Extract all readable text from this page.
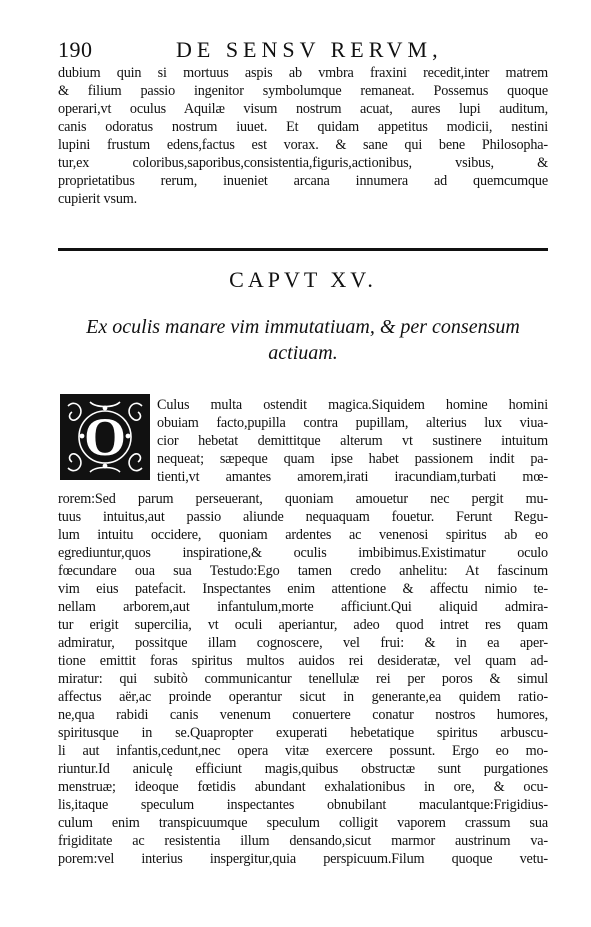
190	DE SENSV RERVM,
dubium quin si mortuus aspis ab vmbra fraxini recedit,inter matrem
& filium passio ingenitor symbolumque remaneat. Possemus quoque
operari,vt oculus Aquilæ visum nostrum acuat, aures lupi auditum,
canis odoratus nostrum iuuet. Et quidam appetitus modicii, nestini
lupini frustum edens,factus est vorax. & sane qui bene Philosopha-
tur,ex coloribus,saporibus,consistentia,figuris,actionibus, vsibus, &
proprietatibus rerum, inueniet arcana innumera ad quemcumque
cupierit vsum.
CAPVT XV.
Ex oculis manare vim immutatiuam, & per consensum
actiuam.
O
Culus multa ostendit magica.Siquidem homine homini
obuiam facto,pupilla contra pupillam, alterius lux viua-
cior hebetat demittitque alterum vt sustinere intuitum
nequeat; sæpeque quam ipse habet passionem indit pa-
tienti,vt amantes amorem,irati iracundiam,turbati mœ-
rorem:Sed parum perseuerant, quoniam amouetur nec pergit mu-
tuus intuitus,aut passio aliunde nequaquam fouetur. Ferunt Regu-
lum intuitu occidere, quoniam ardentes ac venenosi spiritus ab eo
egrediuntur,quos inspiratione,& oculis imbibimus.Existimatur oculo
fœcundare oua sua Testudo:Ego tamen credo anhelitu: At fascinum
vim eius patefacit. Inspectantes enim attentione & affectu nimio te-
nellam arborem,aut infantulum,morte afficiunt.Qui aliquid admira-
tur erigit supercilia, vt oculi aperiantur, adeo quod intret res quam
admiratur, possitque illam cognoscere, vel frui: & in ea aper-
tione emittit foras spiritus multos auidos rei desideratæ, vel quam ad-
miratur: qui subitò communicantur tenellulæ rei per poros & simul
affectus aër,ac proinde operantur sicut in generante,ea quidem ratio-
ne,qua rabidi canis venenum conuertere conatur nostros humores,
spiritusque in se.Quapropter exuperati hebetatique spiritus arbuscu-
li aut infantis,cedunt,nec opera vitæ exercere possunt. Ergo eo mo-
riuntur.Id aniculę efficiunt magis,quibus obstructæ sunt purgationes
menstruæ; ideoque fœtidis abundant exhalationibus in ore, & ocu-
lis,itaque speculum inspectantes obnubilant maculantque:Frigidius-
culum enim transpicuumque speculum colligit vaporem crassum sua
frigiditate ac resistentia illum densando,sicut marmor austrinum va-
porem:vel interius inspergitur,quia perspicuum.Filum quoque vetu-
